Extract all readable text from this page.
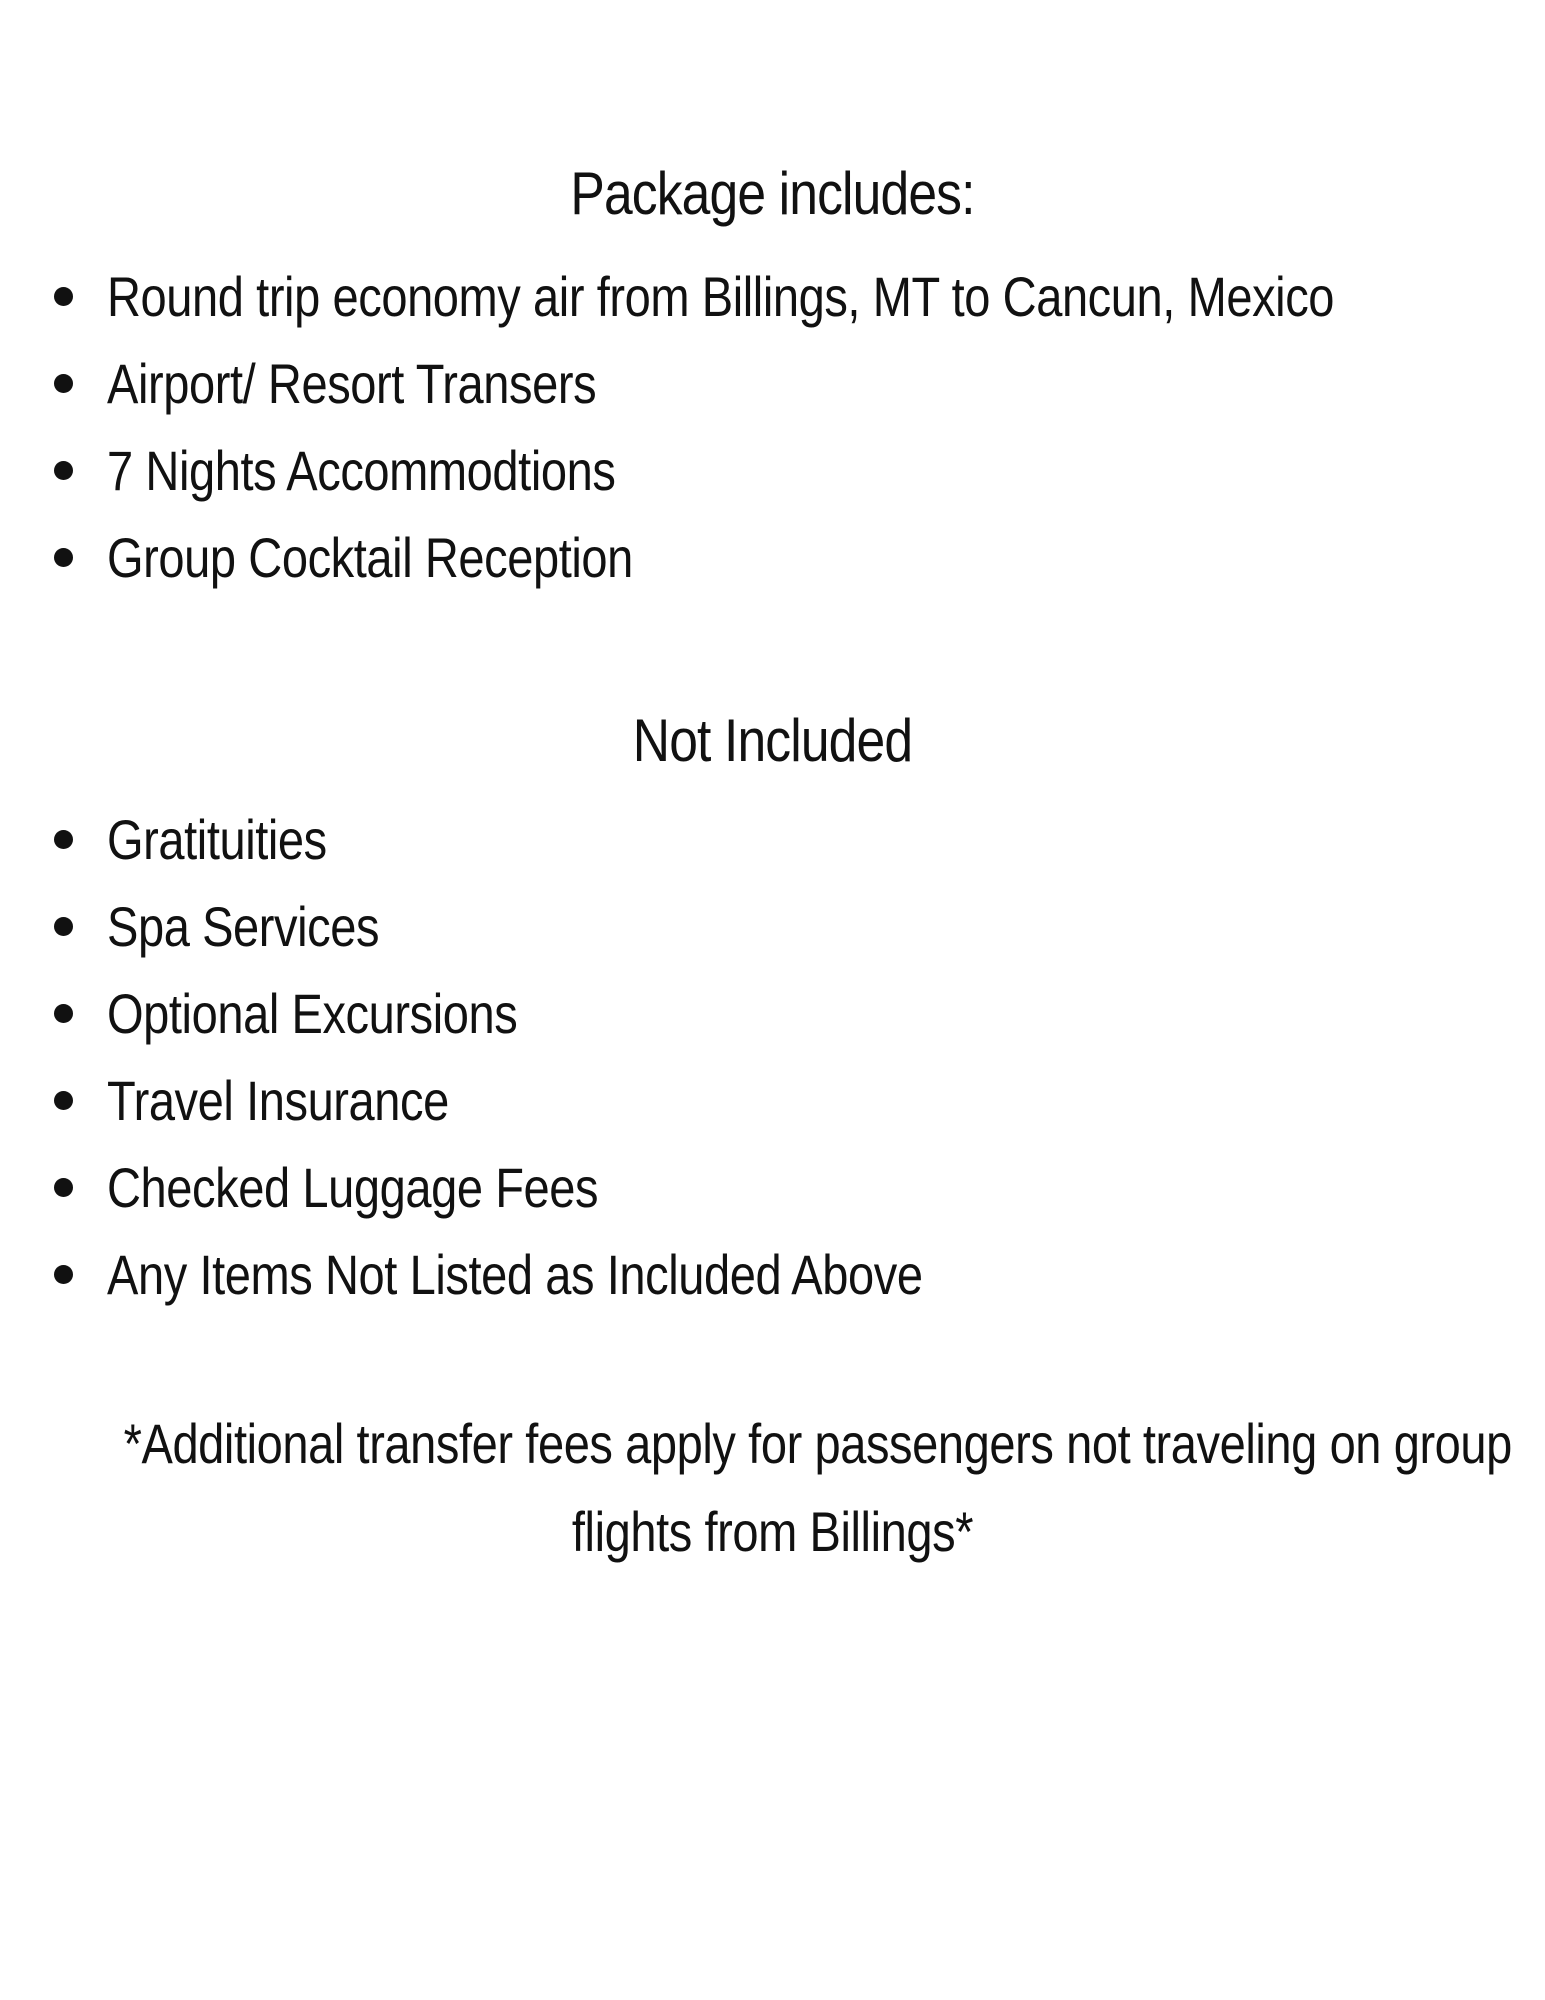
Package includes:
Round trip economy air from Billings, MT to Cancun, Mexico
Airport/ Resort Transers
7 Nights Accommodtions
Group Cocktail Reception
Not Included
Gratituities
Spa Services
Optional Excursions
Travel Insurance
Checked Luggage Fees
Any Items Not Listed as Included Above
*Additional transfer fees apply for passengers not traveling on group
flights from Billings*
